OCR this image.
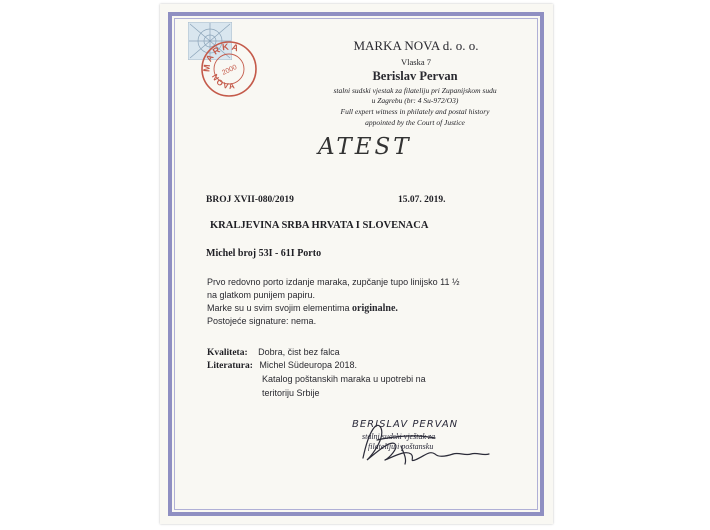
MARKA
NOVA
2000
MARKA NOVA d. o. o.
Vlaska 7
Berislav Pervan
stalni sudski vjestak za filateliju pri Zupanijskom sudu
u Zagrebu (br: 4 Su-972/O3)
Full expert witness in philately and postal history
appointed by the Court of Justice
ATEST
BROJ XVII-080/2019	15.07. 2019.
KRALJEVINA SRBA HRVATA I SLOVENACA
Michel broj 53I - 61I Porto
Prvo redovno porto izdanje maraka, zupčanje tupo linijsko 11 ½ na glatkom punijem papiru.
Marke su u svim svojim elementima originalne.
Postojeće signature: nema.
Kvaliteta: Dobra, čist bez falca
Literatura: Michel Südeuropa 2018.
Katalog poštanskih maraka u upotrebi na
teritoriju Srbije
BERISLAV PERVAN
stalni sudski vještak za
filateliju i poštansku
